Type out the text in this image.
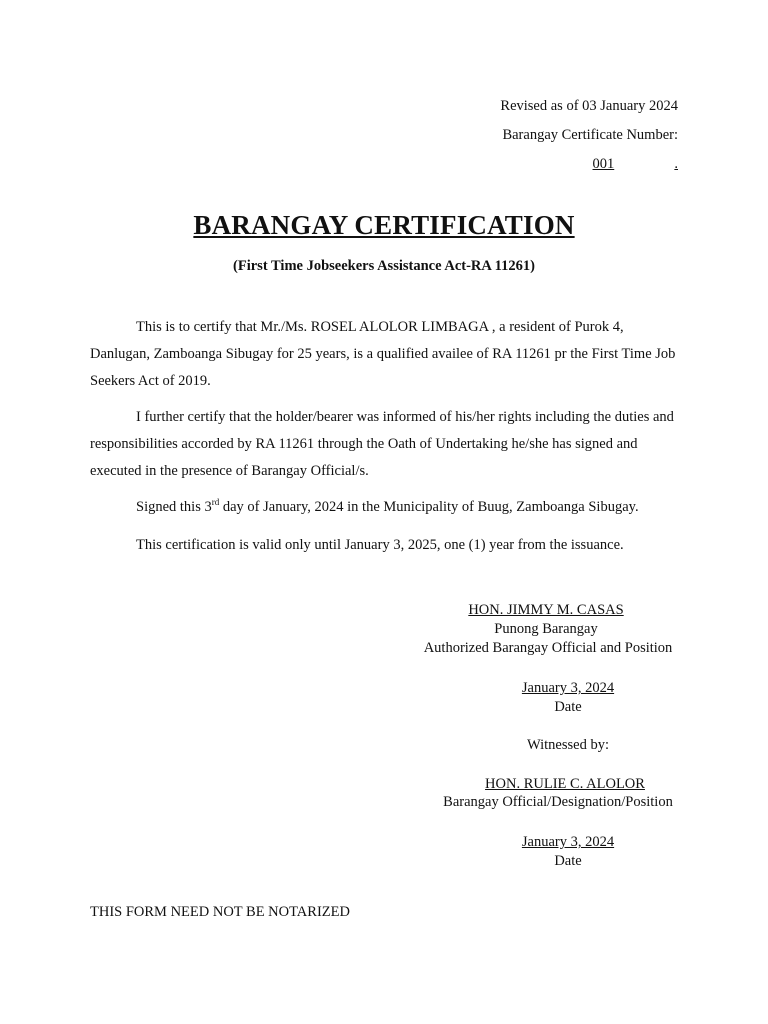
Revised as of 03 January 2024
Barangay Certificate Number:
001	.
BARANGAY CERTIFICATION
(First Time Jobseekers Assistance Act-RA 11261)

This is to certify that Mr./Ms. ROSEL ALOLOR LIMBAGA , a resident of Purok 4, Danlugan, Zamboanga Sibugay for 25 years, is a qualified availee of RA 11261 pr the First Time Job Seekers Act of 2019.

I further certify that the holder/bearer was informed of his/her rights including the duties and responsibilities accorded by RA 11261 through the Oath of Undertaking he/she has signed and executed in the presence of Barangay Official/s.

Signed this 3rd day of January, 2024 in the Municipality of Buug, Zamboanga Sibugay.

This certification is valid only until January 3, 2025, one (1) year from the issuance.

HON. JIMMY M. CASAS
Punong Barangay
Authorized Barangay Official and Position
January 3, 2024
Date
Witnessed by:
HON. RULIE C. ALOLOR
Barangay Official/Designation/Position
January 3, 2024
Date
THIS FORM NEED NOT BE NOTARIZED
